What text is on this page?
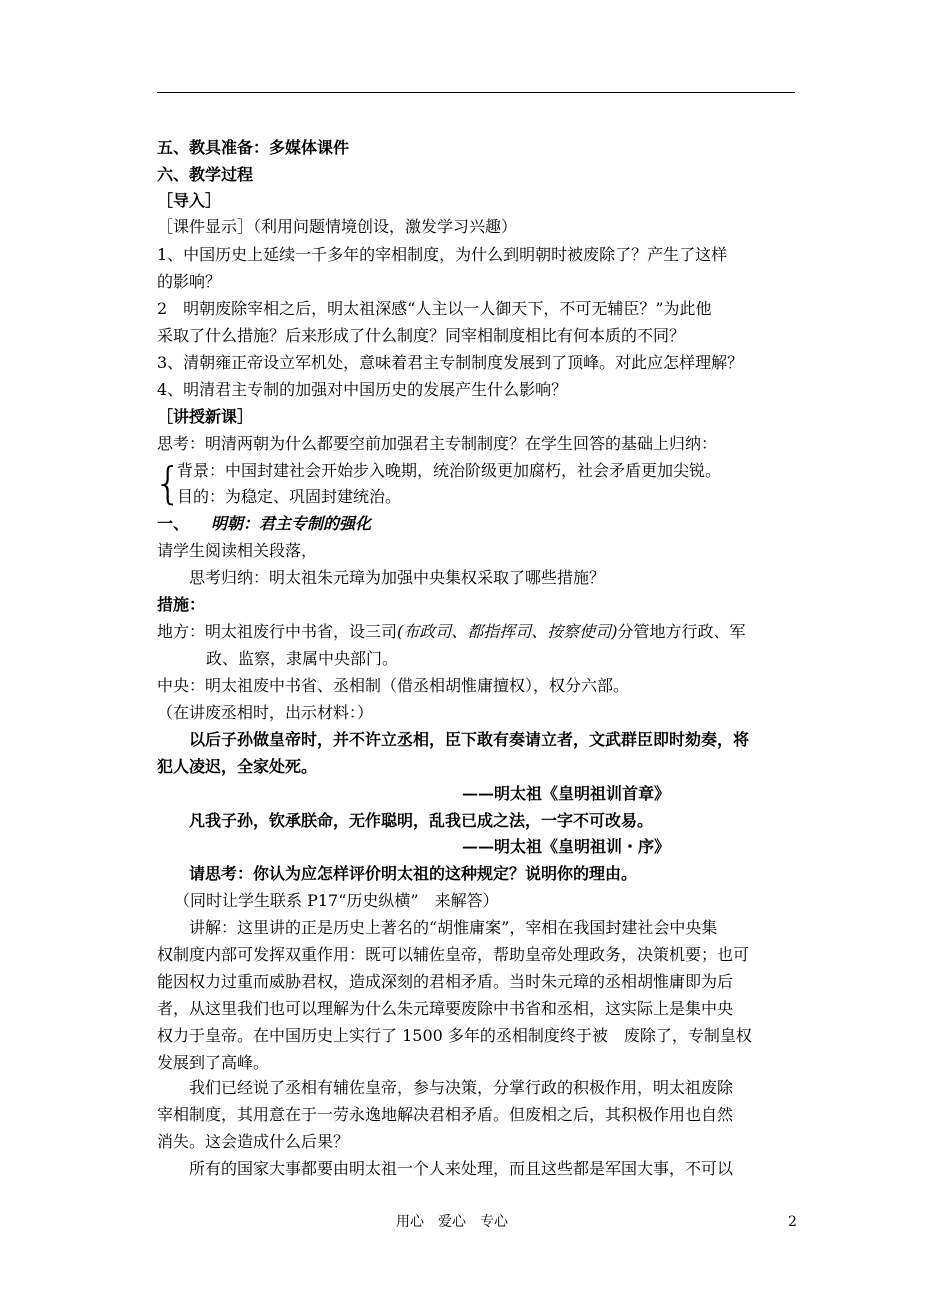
五、教具准备：多媒体课件
六、教学过程
［导入］
［课件显示］（利用问题情境创设，激发学习兴趣）
1、中国历史上延续一千多年的宰相制度，为什么到明朝时被废除了？产生了这样
的影响？
2　明朝废除宰相之后，明太祖深感“人主以一人御天下，不可无辅臣？”为此他
采取了什么措施？后来形成了什么制度？同宰相制度相比有何本质的不同？
3、清朝雍正帝设立军机处，意味着君主专制制度发展到了顶峰。对此应怎样理解？
4、明清君主专制的加强对中国历史的发展产生什么影响？
［讲授新课］
思考：明清两朝为什么都要空前加强君主专制制度？在学生回答的基础上归纳：
{
背景：中国封建社会开始步入晚期，统治阶级更加腐朽，社会矛盾更加尖锐。
目的：为稳定、巩固封建统治。
一、 明朝：君主专制的强化
请学生阅读相关段落，
思考归纳：明太祖朱元璋为加强中央集权采取了哪些措施？
措施：
地方：明太祖废行中书省，设三司(布政司、都指挥司、按察使司)分管地方行政、军
政、监察，隶属中央部门。
中央：明太祖废中书省、丞相制（借丞相胡惟庸擅权），权分六部。
（在讲废丞相时，出示材料：）
以后子孙做皇帝时，并不许立丞相，臣下敢有奏请立者，文武群臣即时劾奏，将
犯人凌迟，全家处死。
——明太祖《皇明祖训首章》
凡我子孙，钦承朕命，无作聪明，乱我已成之法，一字不可改易。
——明太祖《皇明祖训・序》
请思考：你认为应怎样评价明太祖的这种规定？说明你的理由。
（同时让学生联系 P17“历史纵横”　来解答）
讲解：这里讲的正是历史上著名的“胡惟庸案”，宰相在我国封建社会中央集
权制度内部可发挥双重作用：既可以辅佐皇帝，帮助皇帝处理政务，决策机要；也可
能因权力过重而威胁君权，造成深刻的君相矛盾。当时朱元璋的丞相胡惟庸即为后
者，从这里我们也可以理解为什么朱元璋要废除中书省和丞相，这实际上是集中央
权力于皇帝。在中国历史上实行了 1500 多年的丞相制度终于被　废除了，专制皇权
发展到了高峰。
我们已经说了丞相有辅佐皇帝，参与决策，分掌行政的积极作用，明太祖废除
宰相制度，其用意在于一劳永逸地解决君相矛盾。但废相之后，其积极作用也自然
消失。这会造成什么后果？
所有的国家大事都要由明太祖一个人来处理，而且这些都是军国大事，不可以
用心　爱心　专心	2
